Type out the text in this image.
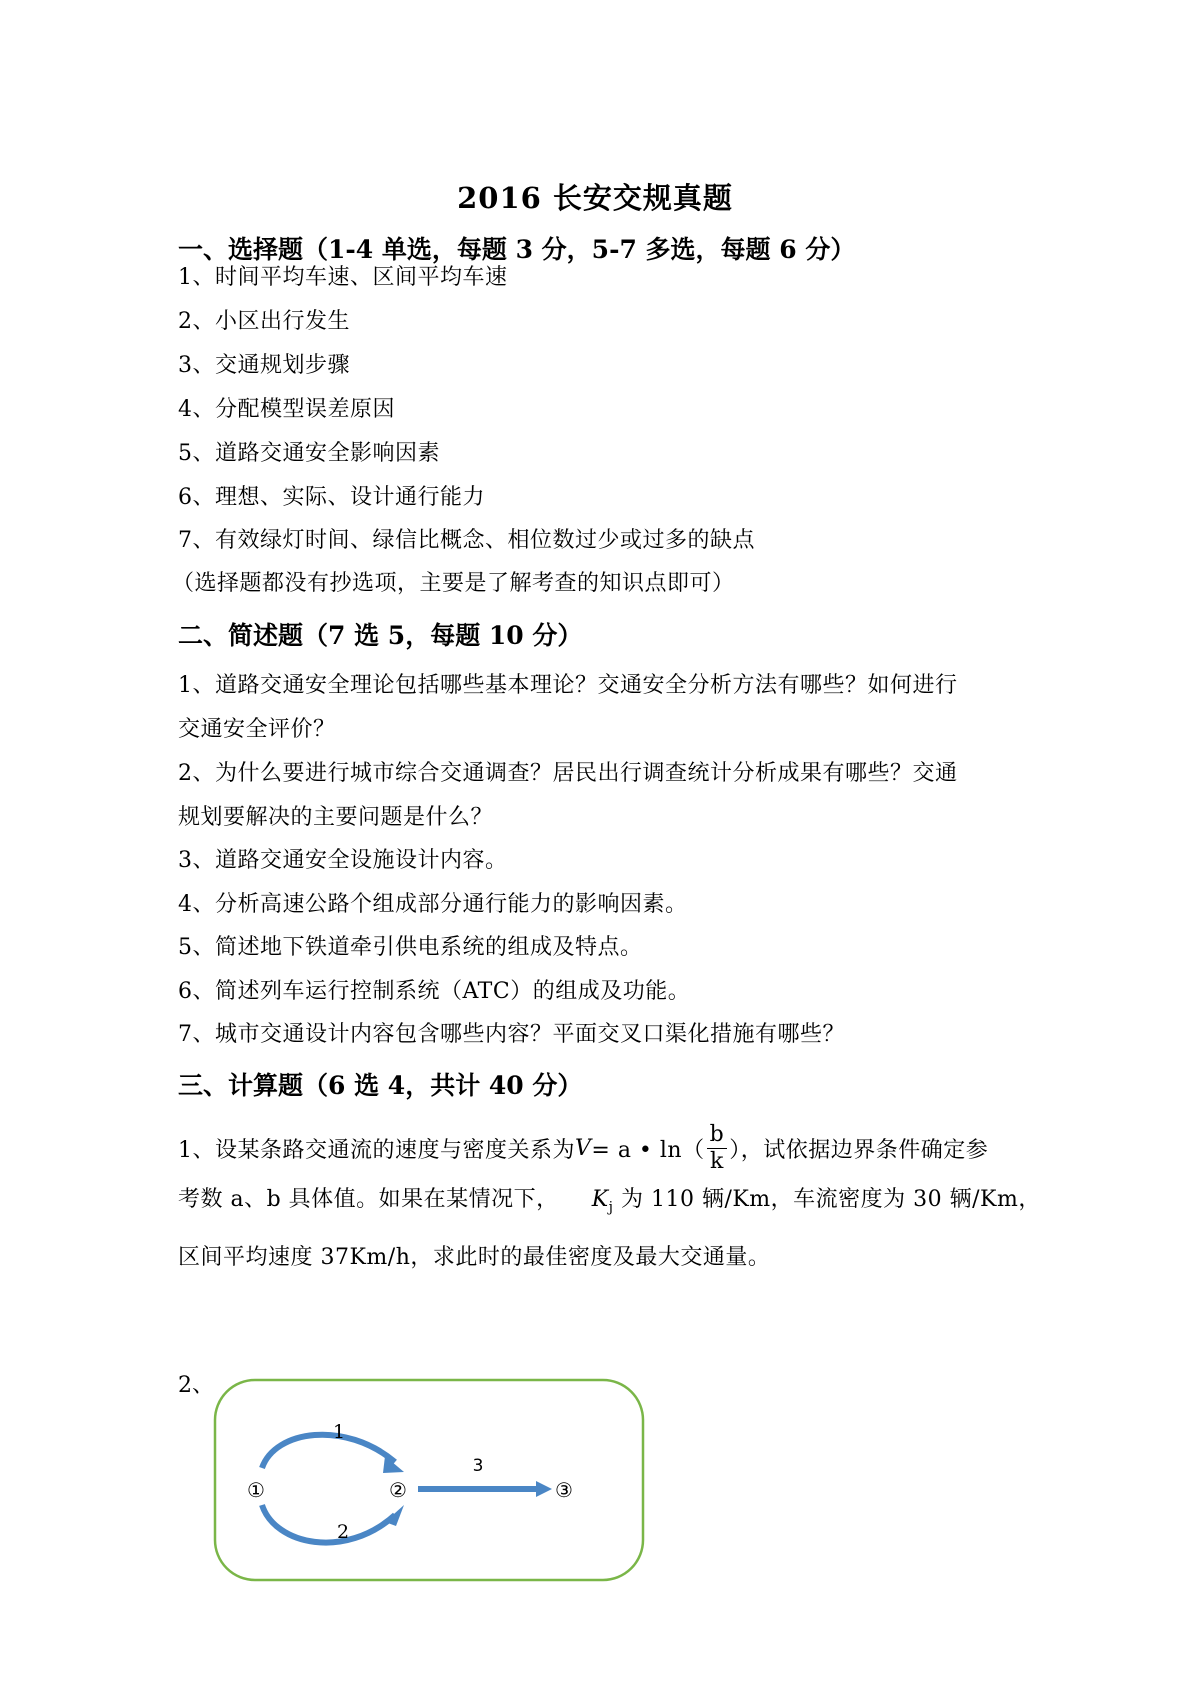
2016 长安交规真题
一、选择题（1-4 单选，每题 3 分，5-7 多选，每题 6 分）
1、时间平均车速、区间平均车速
2、小区出行发生
3、交通规划步骤
4、分配模型误差原因
5、道路交通安全影响因素
6、理想、实际、设计通行能力
7、有效绿灯时间、绿信比概念、相位数过少或过多的缺点
（选择题都没有抄选项，主要是了解考查的知识点即可）
二、简述题（7 选 5，每题 10 分）
1、道路交通安全理论包括哪些基本理论？交通安全分析方法有哪些？如何进行
交通安全评价？
2、为什么要进行城市综合交通调查？居民出行调查统计分析成果有哪些？交通
规划要解决的主要问题是什么？
3、道路交通安全设施设计内容。
4、分析高速公路个组成部分通行能力的影响因素。
5、简述地下铁道牵引供电系统的组成及特点。
6、简述列车运行控制系统（ATC）的组成及功能。
7、城市交通设计内容包含哪些内容？平面交叉口渠化措施有哪些？
三、计算题（6 选 4，共计 40 分）
1、设某条路交通流的速度与密度关系为 V = a • $\ln( \frac{b}{k}$ ），试依据边界条件确定参
考数 a、b 具体值。如果在某情况下， $K_j$ 为 110 辆/Km，车流密度为 30 辆/Km，
区间平均速度 37Km/h，求此时的最佳密度及最大交通量。
2、
①	②	③
1
2
3
